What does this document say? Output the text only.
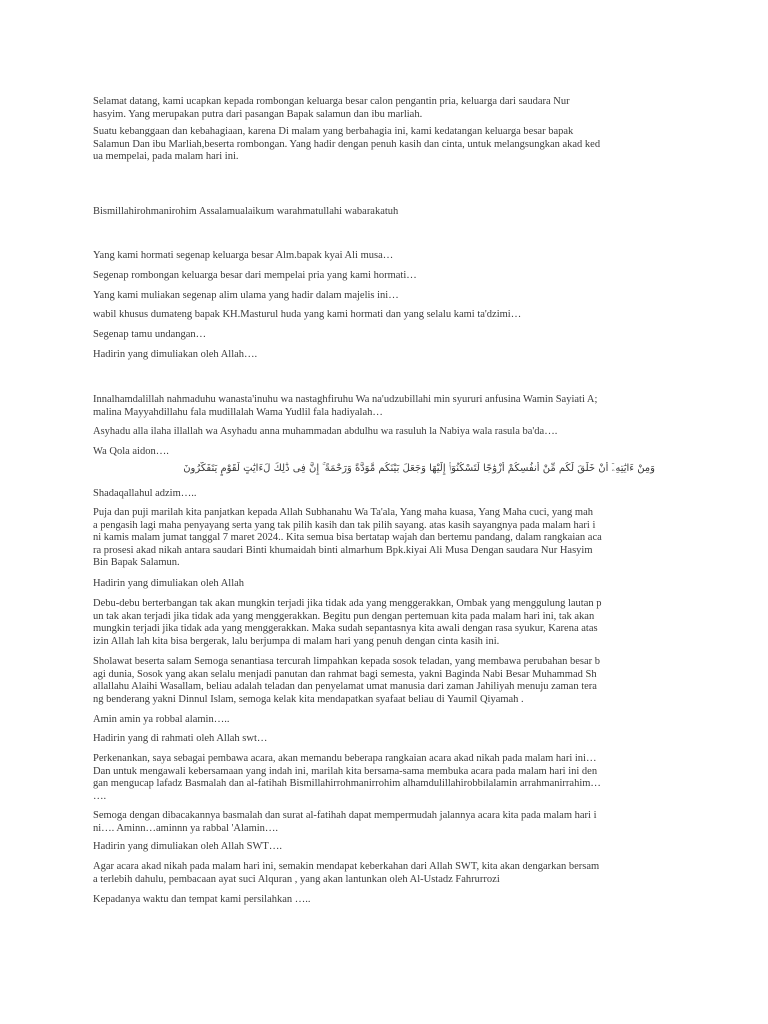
Selamat datang, kami ucapkan kepada rombongan keluarga besar calon pengantin pria, keluarga dari saudara Nur
hasyim. Yang merupakan putra dari pasangan Bapak salamun dan ibu marliah.
Suatu kebanggaan dan kebahagiaan, karena Di malam yang berbahagia ini, kami kedatangan keluarga besar bapak
Salamun Dan ibu Marliah,beserta rombongan. Yang hadir dengan penuh kasih dan cinta, untuk melangsungkan akad ked
ua mempelai, pada malam hari ini.
Bismillahirohmanirohim Assalamualaikum warahmatullahi wabarakatuh
Yang kami hormati segenap keluarga besar Alm.bapak kyai Ali musa…
Segenap rombongan keluarga besar dari mempelai pria yang kami hormati…
Yang kami muliakan segenap alim ulama yang hadir dalam majelis ini…
wabil khusus dumateng bapak KH.Masturul huda yang kami hormati dan yang selalu kami ta'dzimi…
Segenap tamu undangan…
Hadirin yang dimuliakan oleh Allah….
Innalhamdalillah nahmaduhu wanasta'inuhu wa nastaghfiruhu Wa na'udzubillahi min syururi anfusina Wamin Sayiati A;
malina Mayyahdillahu fala mudillalah Wama Yudlil fala hadiyalah…
Asyhadu alla ilaha illallah wa Asyhadu anna muhammadan abdulhu wa rasuluh la Nabiya wala rasula ba'da….
Wa Qola aidon….
Shadaqallahul adzim…..
Puja dan puji marilah kita panjatkan kepada Allah Subhanahu Wa Ta'ala, Yang maha kuasa, Yang Maha cuci, yang mah
a pengasih lagi maha penyayang serta yang tak pilih kasih dan tak pilih sayang. atas kasih sayangnya pada malam hari i
ni kamis malam jumat tanggal 7 maret 2024.. Kita semua bisa bertatap wajah dan bertemu pandang, dalam rangkaian aca
ra prosesi akad nikah antara saudari Binti khumaidah binti almarhum Bpk.kiyai Ali Musa Dengan saudara Nur Hasyim
Bin Bapak Salamun.
Hadirin yang dimuliakan oleh Allah
Debu-debu berterbangan tak akan mungkin terjadi jika tidak ada yang menggerakkan, Ombak yang menggulung lautan p
un tak akan terjadi jika tidak ada yang menggerakkan. Begitu pun dengan pertemuan kita pada malam hari ini, tak akan
mungkin terjadi jika tidak ada yang menggerakkan. Maka sudah sepantasnya kita awali dengan rasa syukur, Karena atas
izin Allah lah kita bisa bergerak, lalu berjumpa di malam hari yang penuh dengan cinta kasih ini.
Sholawat beserta salam Semoga senantiasa tercurah limpahkan kepada sosok teladan, yang membawa perubahan besar b
agi dunia, Sosok yang akan selalu menjadi panutan dan rahmat bagi semesta, yakni Baginda Nabi Besar Muhammad Sh
allallahu Alaihi Wasallam, beliau adalah teladan dan penyelamat umat manusia dari zaman Jahiliyah menuju zaman tera
ng benderang yakni Dinnul Islam, semoga kelak kita mendapatkan syafaat beliau di Yaumil Qiyamah .
Amin amin ya robbal alamin…..
Hadirin yang di rahmati oleh Allah swt…
Perkenankan, saya sebagai pembawa acara, akan memandu beberapa rangkaian acara akad nikah pada malam hari ini…
Dan untuk mengawali kebersamaan yang indah ini, marilah kita bersama-sama membuka acara pada malam hari ini den
gan mengucap lafadz Basmalah dan al-fatihah Bismillahirrohmanirrohim alhamdulillahirobbilalamin arrahmanirrahim…
….
Semoga dengan dibacakannya basmalah dan surat al-fatihah dapat mempermudah jalannya acara kita pada malam hari i
ni…. Aminn…aminnn ya rabbal 'Alamin….
Hadirin yang dimuliakan oleh Allah SWT….
Agar acara akad nikah pada malam hari ini, semakin mendapat keberkahan dari Allah SWT, kita akan dengarkan bersam
a terlebih dahulu, pembacaan ayat suci Alquran , yang akan lantunkan oleh Al-Ustadz Fahrurrozi
Kepadanya waktu dan tempat kami persilahkan …..
وَمِنْ ءَايَٰتِهِۦٓ أَنْ خَلَقَ لَكُم مِّنْ أَنفُسِكُمْ أَزْوَٰجًا لِّتَسْكُنُوٓا۟ إِلَيْهَا وَجَعَلَ بَيْنَكُم مَّوَدَّةً وَرَحْمَةً ۚ إِنَّ فِى ذَٰلِكَ لَءَايَٰتٍ لِّقَوْمٍ يَتَفَكَّرُونَ
